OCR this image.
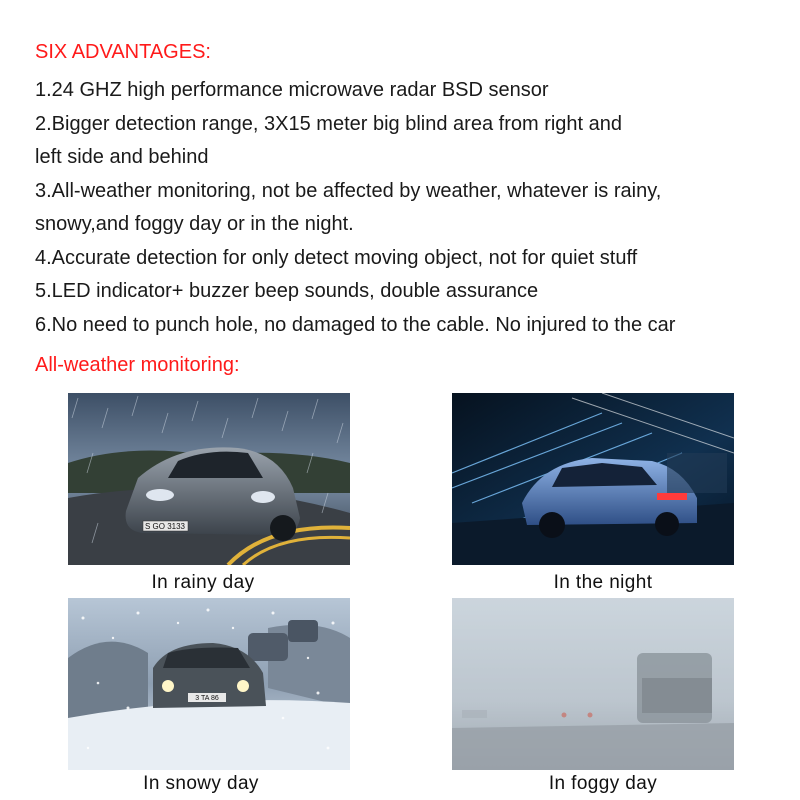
SIX ADVANTAGES:
1.24 GHZ high performance microwave radar BSD sensor
2.Bigger detection range, 3X15 meter big blind area from right and
left side and behind
3.All-weather monitoring, not be affected by weather, whatever is rainy,
snowy,and foggy day or in the night.
4.Accurate detection for only detect moving object, not for quiet stuff
5.LED indicator+ buzzer beep sounds, double assurance
6.No need to punch hole, no damaged to the cable. No injured to the car
All-weather monitoring:
S GO 3133
In rainy day	In the night
3 TA 86
In snowy day	In foggy day
